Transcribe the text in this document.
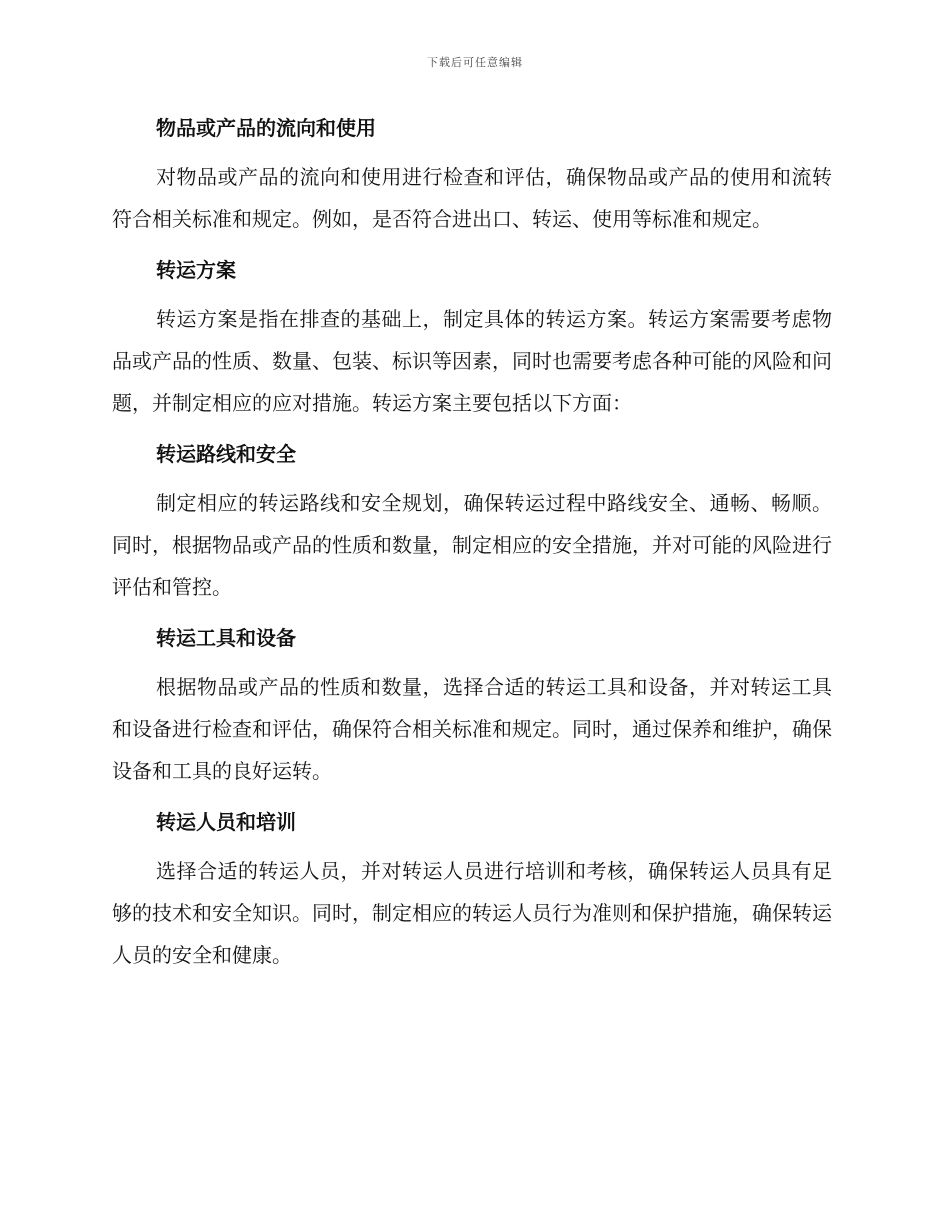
下载后可任意编辑
物品或产品的流向和使用

对物品或产品的流向和使用进行检查和评估，确保物品或产品的使用和流转符合相关标准和规定。例如，是否符合进出口、转运、使用等标准和规定。

转运方案

转运方案是指在排查的基础上，制定具体的转运方案。转运方案需要考虑物品或产品的性质、数量、包装、标识等因素，同时也需要考虑各种可能的风险和问题，并制定相应的应对措施。转运方案主要包括以下方面：

转运路线和安全

制定相应的转运路线和安全规划，确保转运过程中路线安全、通畅、畅顺。同时，根据物品或产品的性质和数量，制定相应的安全措施，并对可能的风险进行评估和管控。

转运工具和设备

根据物品或产品的性质和数量，选择合适的转运工具和设备，并对转运工具和设备进行检查和评估，确保符合相关标准和规定。同时，通过保养和维护，确保设备和工具的良好运转。

转运人员和培训

选择合适的转运人员，并对转运人员进行培训和考核，确保转运人员具有足够的技术和安全知识。同时，制定相应的转运人员行为准则和保护措施，确保转运人员的安全和健康。
